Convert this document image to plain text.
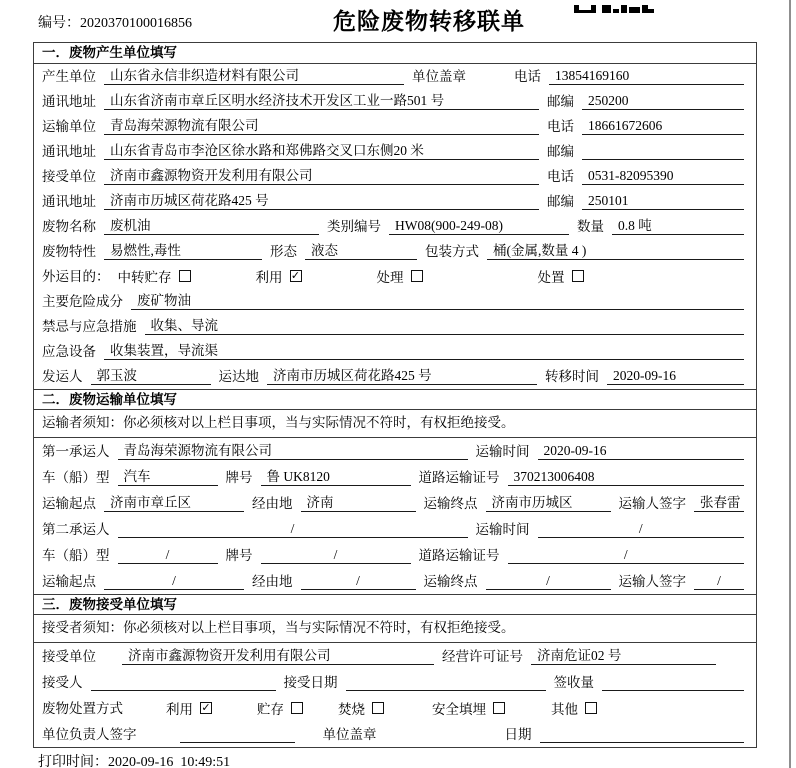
编号：2020370100016856	危险废物转移联单
一．废物产生单位填写
产生单位	山东省永信非织造材料有限公司	单位盖章	电话	13854169160
通讯地址	山东省济南市章丘区明水经济技术开发区工业一路501 号	邮编	250200
运输单位	青岛海荣源物流有限公司	电话	18661672606
通讯地址	山东省青岛市李沧区徐水路和郑佛路交叉口东侧20 米	邮编
接受单位	济南市鑫源物资开发利用有限公司	电话	0531-82095390
通讯地址	济南市历城区荷花路425 号	邮编	250101
废物名称	废机油	类别编号	HW08(900-249-08)	数量	0.8 吨
废物特性	易燃性,毒性	形态	液态	包装方式	桶(金属,数量 4 )
外运目的： 中转贮存	利用 ✓	处理	处置
主要危险成分	废矿物油
禁忌与应急措施	收集、导流
应急设备	收集装置，导流渠
发运人	郭玉波	运达地	济南市历城区荷花路425 号	转移时间	2020-09-16
二．废物运输单位填写
运输者须知：你必须核对以上栏目事项，当与实际情况不符时，有权拒绝接受。
第一承运人	青岛海荣源物流有限公司	运输时间	2020-09-16
车（船）型	汽车	牌号	鲁 UK8120	道路运输证号	370213006408
运输起点	济南市章丘区	经由地	济南	运输终点	济南市历城区	运输人签字	张春雷
第二承运人	/	运输时间	/
车（船）型	/	牌号	/	道路运输证号	/
运输起点	/	经由地	/	运输终点	/	运输人签字	/
三．废物接受单位填写
接受者须知：你必须核对以上栏目事项，当与实际情况不符时，有权拒绝接受。
接受单位	济南市鑫源物资开发利用有限公司	经营许可证号	济南危证02 号
接受人	接受日期	签收量
废物处置方式	利用 ✓	贮存	焚烧	安全填埋	其他
单位负责人签字	单位盖章	日期
打印时间：2020-09-16  10:49:51
